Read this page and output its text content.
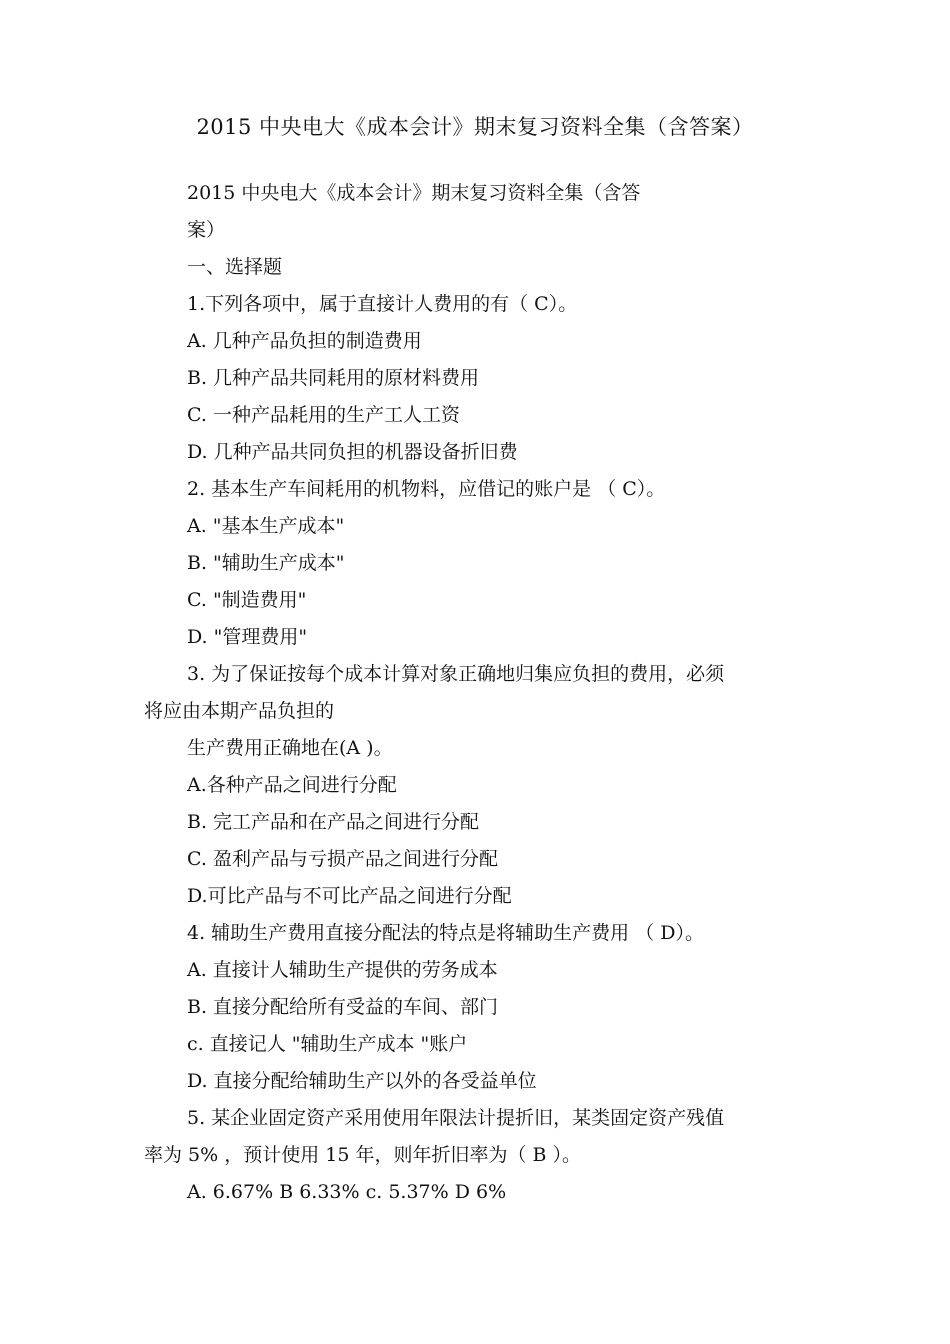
2015 中央电大《成本会计》期末复习资料全集（含答案）
2015 中央电大《成本会计》期末复习资料全集（含答
案）
一、选择题
1.下列各项中，属于直接计人费用的有（ C）。
A. 几种产品负担的制造费用
B. 几种产品共同耗用的原材料费用
C. 一种产品耗用的生产工人工资
D. 几种产品共同负担的机器设备折旧费
2. 基本生产车间耗用的机物料，应借记的账户是 （ C）。
A. "基本生产成本"
B. "辅助生产成本"
C. "制造费用"
D. "管理费用"
3. 为了保证按每个成本计算对象正确地归集应负担的费用，必须
将应由本期产品负担的
生产费用正确地在(A )。
A.各种产品之间进行分配
B. 完工产品和在产品之间进行分配
C. 盈利产品与亏损产品之间进行分配
D.可比产品与不可比产品之间进行分配
4. 辅助生产费用直接分配法的特点是将辅助生产费用 （ D）。
A. 直接计人辅助生产提供的劳务成本
B. 直接分配给所有受益的车间、部门
c. 直接记人 "辅助生产成本 "账户
D. 直接分配给辅助生产以外的各受益单位
5. 某企业固定资产采用使用年限法计提折旧，某类固定资产残值
率为 5% ，预计使用 15 年，则年折旧率为（ B ）。
A. 6.67% B 6.33% c. 5.37% D 6%
